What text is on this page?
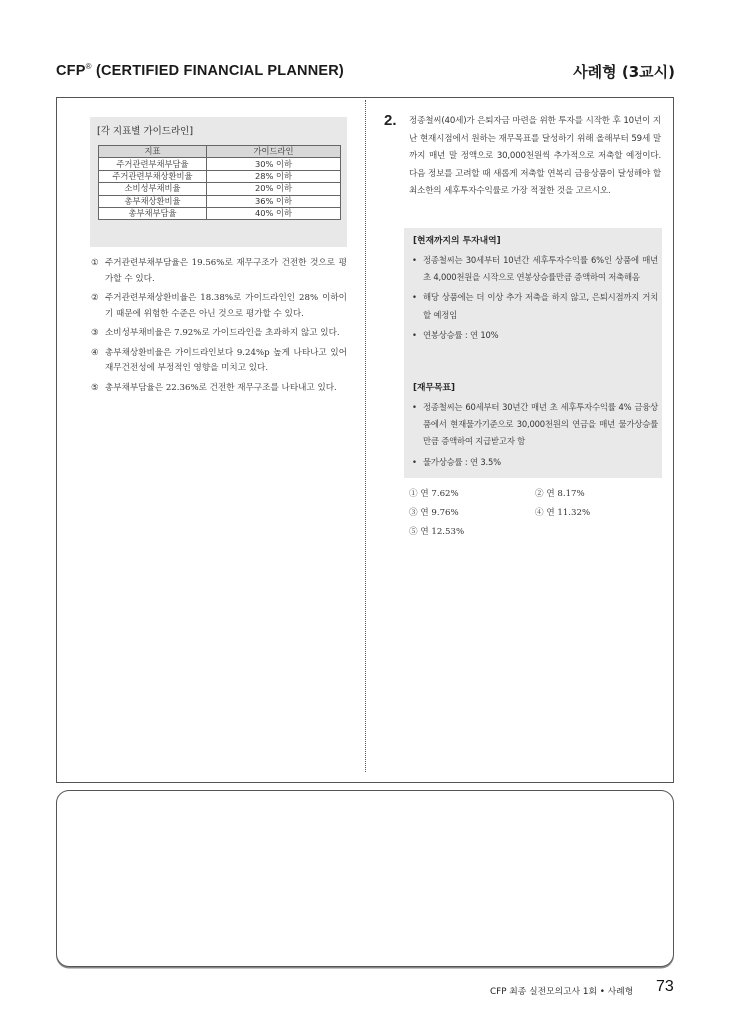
CFP® (CERTIFIED FINANCIAL PLANNER)	사례형 (3교시)
[각 지표별 가이드라인]
지표	가이드라인
주거관련부채부담율	30% 이하
주거관련부채상환비율	28% 이하
소비성부채비율	20% 이하
총부채상환비율	36% 이하
총부채부담율	40% 이하
① 주거관련부채부담율은 19.56%로 재무구조가 건전한 것으로 평가할 수 있다.
② 주거관련부채상환비율은 18.38%로 가이드라인인 28% 이하이기 때문에 위험한 수준은 아닌 것으로 평가할 수 있다.
③ 소비성부채비율은 7.92%로 가이드라인을 초과하지 않고 있다.
④ 총부채상환비율은 가이드라인보다 9.24%p 높게 나타나고 있어 재무건전성에 부정적인 영향을 미치고 있다.
⑤ 총부채부담율은 22.36%로 건전한 재무구조를 나타내고 있다.
2. 정종철씨(40세)가 은퇴자금 마련을 위한 투자를 시작한 후 10년이 지난 현재시점에서 원하는 재무목표를 달성하기 위해 올해부터 59세 말까지 매년 말 정액으로 30,000천원씩 추가적으로 저축할 예정이다. 다음 정보를 고려할 때 새롭게 저축할 연복리 금융상품이 달성해야 할 최소한의 세후투자수익률로 가장 적절한 것을 고르시오.
[현재까지의 투자내역]
• 정종철씨는 30세부터 10년간 세후투자수익률 6%인 상품에 매년 초 4,000천원을 시작으로 연봉상승률만큼 증액하여 저축해옴
• 해당 상품에는 더 이상 추가 저축을 하지 않고, 은퇴시점까지 거치할 예정임
• 연봉상승률 : 연 10%
[재무목표]
• 정종철씨는 60세부터 30년간 매년 초 세후투자수익률 4% 금융상품에서 현재물가기준으로 30,000천원의 연금을 매년 물가상승률만큼 증액하여 지급받고자 함
• 물가상승률 : 연 3.5%
① 연 7.62%	② 연 8.17%
③ 연 9.76%	④ 연 11.32%
⑤ 연 12.53%
CFP 최종 실전모의고사 1회 • 사례형 73
